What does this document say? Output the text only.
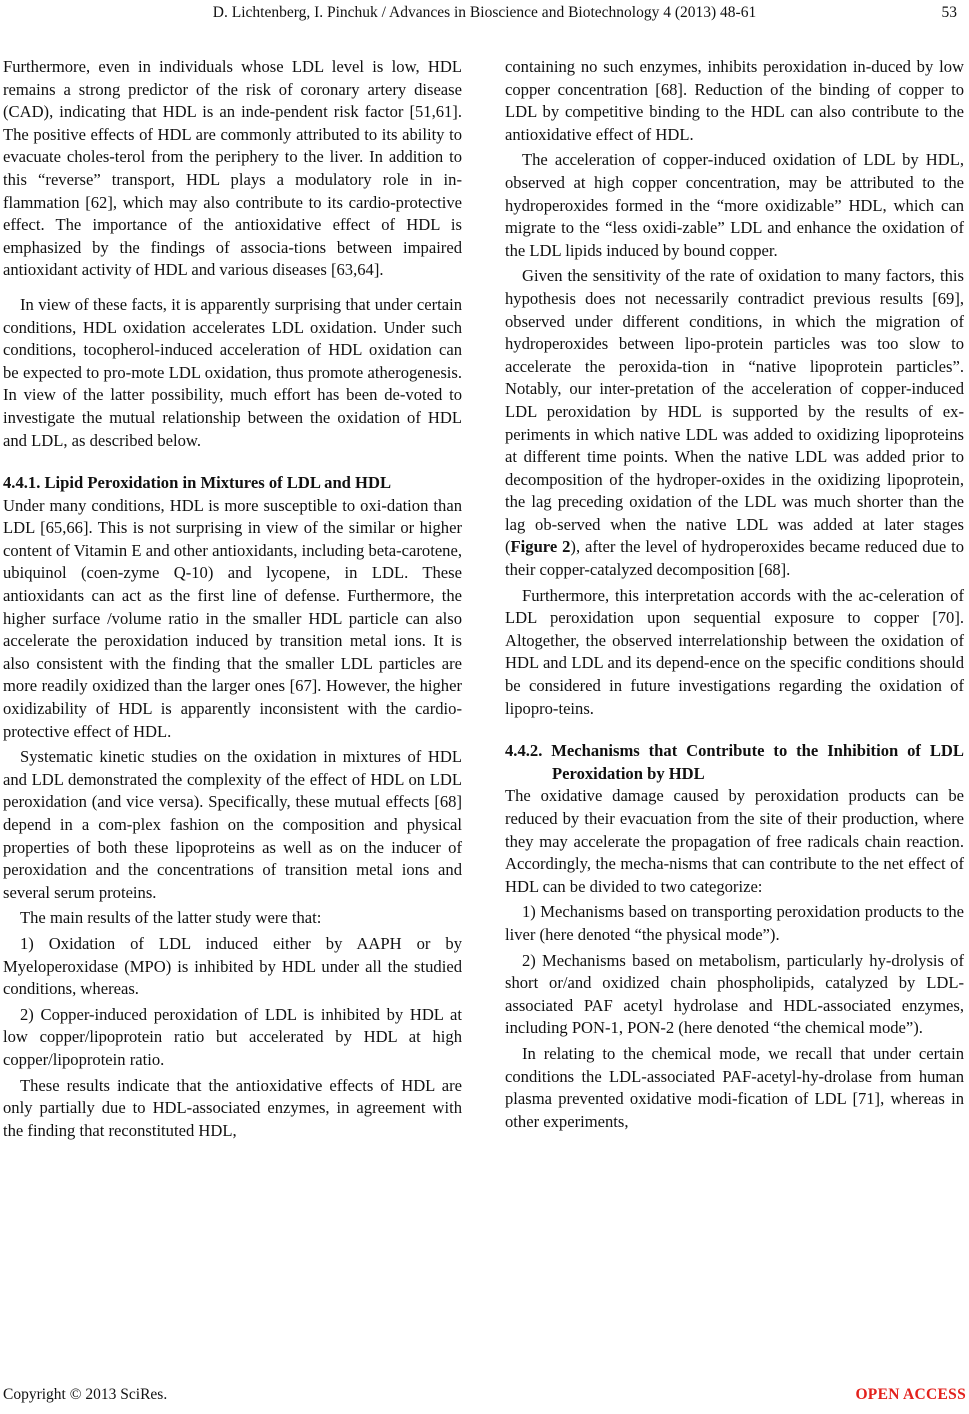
D. Lichtenberg, I. Pinchuk / Advances in Bioscience and Biotechnology 4 (2013) 48-61	53

Furthermore, even in individuals whose LDL level is low, HDL remains a strong predictor of the risk of coronary artery disease (CAD), indicating that HDL is an inde-pendent risk factor [51,61]. The positive effects of HDL are commonly attributed to its ability to evacuate choles-terol from the periphery to the liver. In addition to this “reverse” transport, HDL plays a modulatory role in in-flammation [62], which may also contribute to its cardio-protective effect. The importance of the antioxidative effect of HDL is emphasized by the findings of associa-tions between impaired antioxidant activity of HDL and various diseases [63,64].

In view of these facts, it is apparently surprising that under certain conditions, HDL oxidation accelerates LDL oxidation. Under such conditions, tocopherol-induced acceleration of HDL oxidation can be expected to pro-mote LDL oxidation, thus promote atherogenesis. In view of the latter possibility, much effort has been de-voted to investigate the mutual relationship between the oxidation of HDL and LDL, as described below.

4.4.1. Lipid Peroxidation in Mixtures of LDL and HDL

Under many conditions, HDL is more susceptible to oxi-dation than LDL [65,66]. This is not surprising in view of the similar or higher content of Vitamin E and other antioxidants, including beta-carotene, ubiquinol (coen-zyme Q-10) and lycopene, in LDL. These antioxidants can act as the first line of defense. Furthermore, the higher surface /volume ratio in the smaller HDL particle can also accelerate the peroxidation induced by transition metal ions. It is also consistent with the finding that the smaller LDL particles are more readily oxidized than the larger ones [67]. However, the higher oxidizability of HDL is apparently inconsistent with the cardio-protective effect of HDL.

Systematic kinetic studies on the oxidation in mixtures of HDL and LDL demonstrated the complexity of the effect of HDL on LDL peroxidation (and vice versa). Specifically, these mutual effects [68] depend in a com-plex fashion on the composition and physical properties of both these lipoproteins as well as on the inducer of peroxidation and the concentrations of transition metal ions and several serum proteins.

The main results of the latter study were that:

1) Oxidation of LDL induced either by AAPH or by Myeloperoxidase (MPO) is inhibited by HDL under all the studied conditions, whereas.

2) Copper-induced peroxidation of LDL is inhibited by HDL at low copper/lipoprotein ratio but accelerated by HDL at high copper/lipoprotein ratio.

These results indicate that the antioxidative effects of HDL are only partially due to HDL-associated enzymes, in agreement with the finding that reconstituted HDL,

containing no such enzymes, inhibits peroxidation in-duced by low copper concentration [68]. Reduction of the binding of copper to LDL by competitive binding to the HDL can also contribute to the antioxidative effect of HDL.

The acceleration of copper-induced oxidation of LDL by HDL, observed at high copper concentration, may be attributed to the hydroperoxides formed in the “more oxidizable” HDL, which can migrate to the “less oxidi-zable” LDL and enhance the oxidation of the LDL lipids induced by bound copper.

Given the sensitivity of the rate of oxidation to many factors, this hypothesis does not necessarily contradict previous results [69], observed under different conditions, in which the migration of hydroperoxides between lipo-protein particles was too slow to accelerate the peroxida-tion in “native lipoprotein particles”. Notably, our inter-pretation of the acceleration of copper-induced LDL peroxidation by HDL is supported by the results of ex-periments in which native LDL was added to oxidizing lipoproteins at different time points. When the native LDL was added prior to decomposition of the hydroper-oxides in the oxidizing lipoprotein, the lag preceding oxidation of the LDL was much shorter than the lag ob-served when the native LDL was added at later stages (Figure 2), after the level of hydroperoxides became reduced due to their copper-catalyzed decomposition [68].

Furthermore, this interpretation accords with the ac-celeration of LDL peroxidation upon sequential exposure to copper [70]. Altogether, the observed interrelationship between the oxidation of HDL and LDL and its depend-ence on the specific conditions should be considered in future investigations regarding the oxidation of lipopro-teins.

4.4.2. Mechanisms that Contribute to the Inhibition of LDL Peroxidation by HDL

The oxidative damage caused by peroxidation products can be reduced by their evacuation from the site of their production, where they may accelerate the propagation of free radicals chain reaction. Accordingly, the mecha-nisms that can contribute to the net effect of HDL can be divided to two categorize:

1) Mechanisms based on transporting peroxidation products to the liver (here denoted “the physical mode”).

2) Mechanisms based on metabolism, particularly hy-drolysis of short or/and oxidized chain phospholipids, catalyzed by LDL-associated PAF acetyl hydrolase and HDL-associated enzymes, including PON-1, PON-2 (here denoted “the chemical mode”).

In relating to the chemical mode, we recall that under certain conditions the LDL-associated PAF-acetyl-hy-drolase from human plasma prevented oxidative modi-fication of LDL [71], whereas in other experiments,

Copyright © 2013 SciRes.	OPEN ACCESS
